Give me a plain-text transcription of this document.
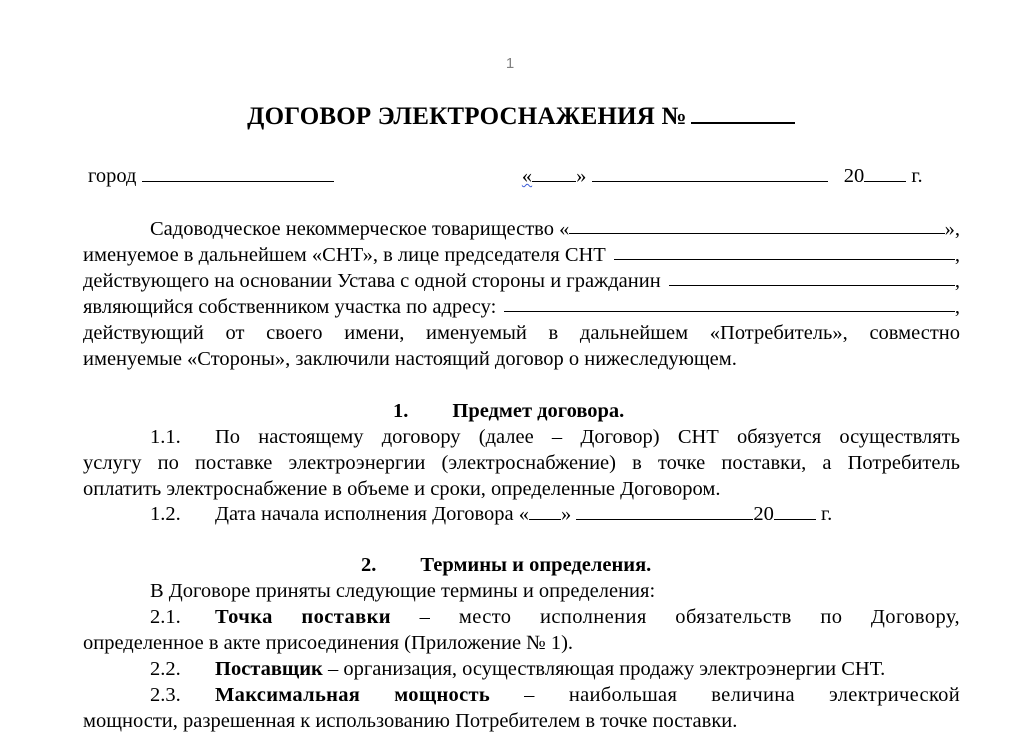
1
ДОГОВОР ЭЛЕКТРОСНАЖЕНИЯ №
город	« »	20 г.
Садоводческое некоммерческое товарищество «	»,
именуемое в дальнейшем «СНТ», в лице председателя СНТ	,
действующего на основании Устава с одной стороны и гражданин	,
являющийся собственником участка по адресу:	,
действующий от своего имени, именуемый в дальнейшем «Потребитель», совместно
именуемые «Стороны», заключили настоящий договор о нижеследующем.
1. Предмет договора.
1.1.	По настоящему договору (далее – Договор) СНТ обязуется осуществлять
услугу по поставке электроэнергии (электроснабжение) в точке поставки, а Потребитель
оплатить электроснабжение в объеме и сроки, определенные Договором.
1.2. Дата начала исполнения Договора « »	20 г.
2. Термины и определения.
В Договоре приняты следующие термины и определения:
2.1.	Точка поставки – место исполнения обязательств по Договору,
определенное в акте присоединения (Приложение № 1).
2.2. Поставщик – организация, осуществляющая продажу электроэнергии СНТ.
2.3.	Максимальная мощность – наибольшая величина электрической
мощности, разрешенная к использованию Потребителем в точке поставки.
